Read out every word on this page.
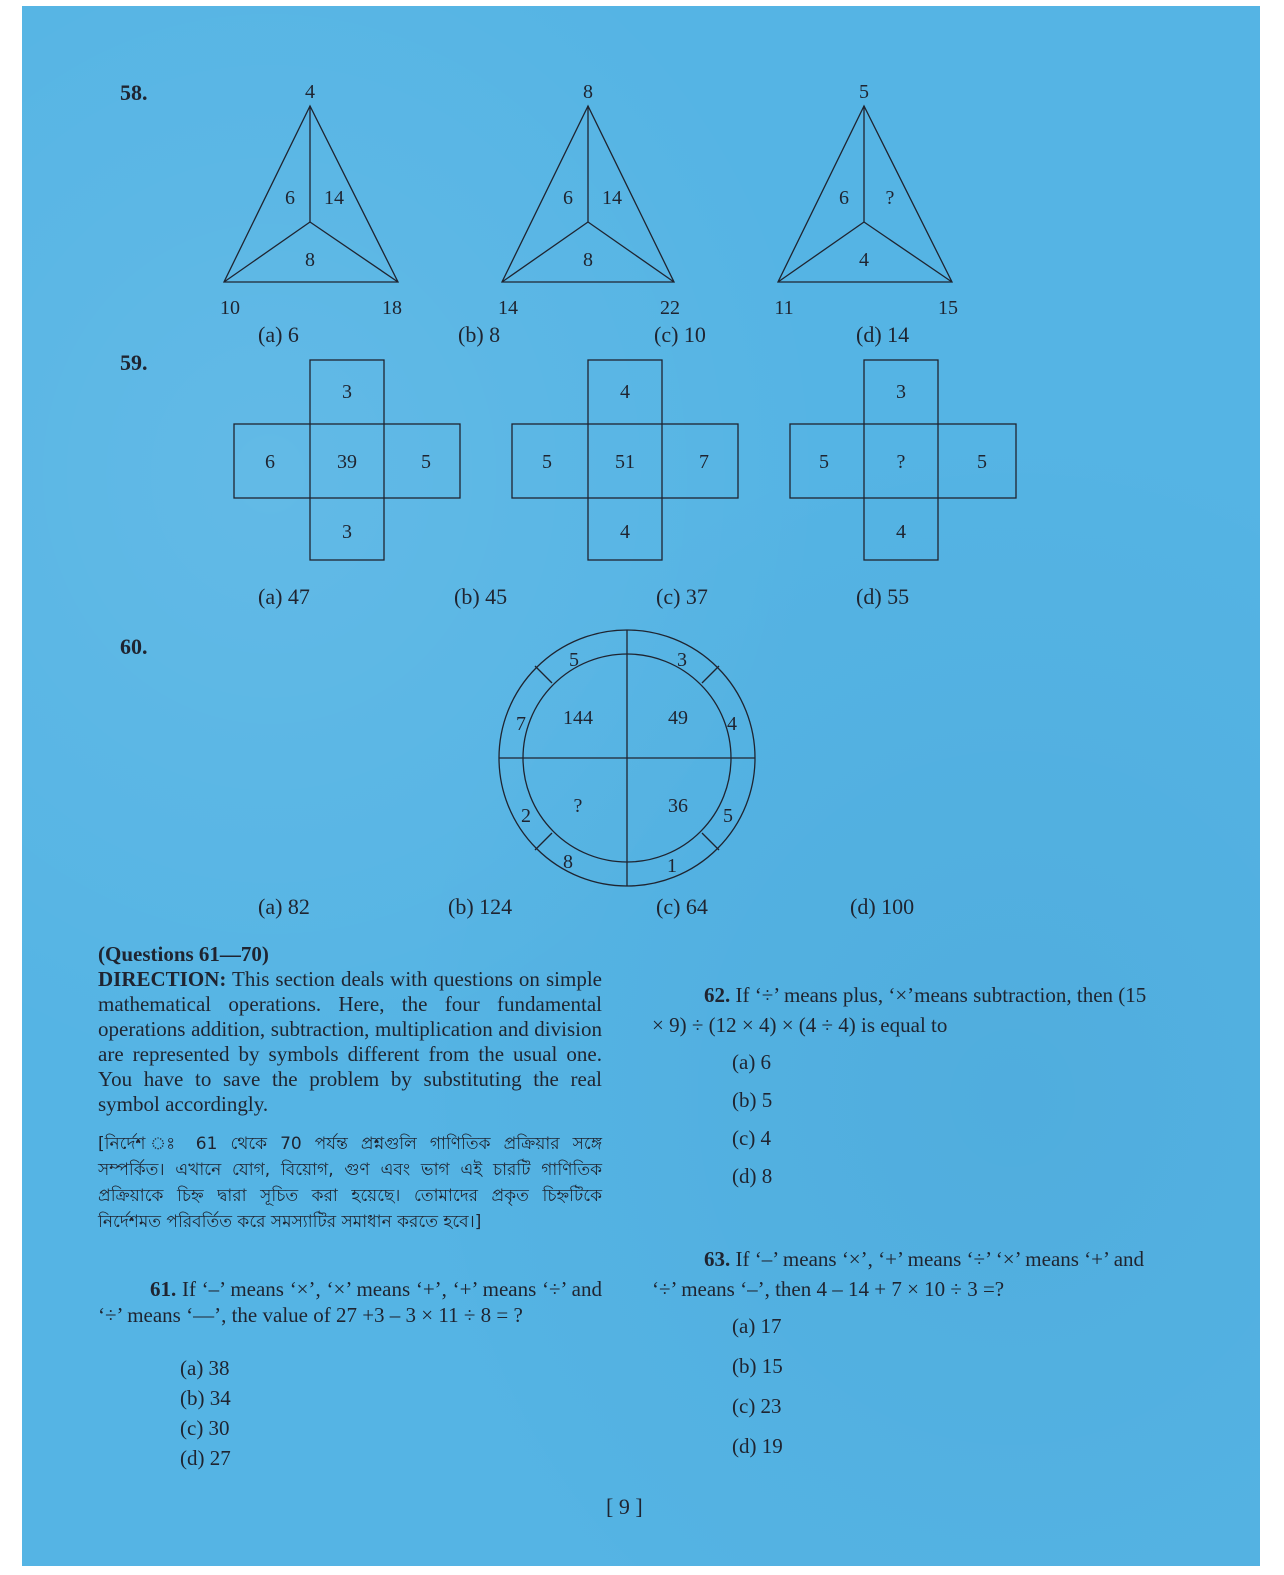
58.	4
6 14
8
10	18
8
6 14
8
14	22
5
6 ?
4
11	15
(a) 6	(b) 8	(c) 10	(d) 14
59.
3
6	39	5
3
4
5	51	7
4
3
5	?	5
4
(a) 47	(b) 45	(c) 37	(d) 55
60.
5	3
7	4
2	5
8	1
144	49
?	36
(a) 82	(b) 124	(c) 64	(d) 100
(Questions 61—70)
DIRECTION: This section deals with questions on simple mathematical operations. Here, the four fundamental operations addition, subtraction, multiplication and division are represented by symbols different from the usual one. You have to save the problem by substituting the real symbol accordingly.
[নির্দেশ ঃ 61 থেকে 70 পর্যন্ত প্রশ্নগুলি গাণিতিক প্রক্রিয়ার সঙ্গে সম্পর্কিত। এখানে যোগ, বিয়োগ, গুণ এবং ভাগ এই চারটি গাণিতিক প্রক্রিয়াকে চিহ্ন দ্বারা সূচিত করা হয়েছে। তোমাদের প্রকৃত চিহ্নটিকে নির্দেশমত পরিবর্তিত করে সমস্যাটির সমাধান করতে হবে।]
61. If ‘–’ means ‘×’, ‘×’ means ‘+’, ‘+’ means ‘÷’ and ‘÷’ means ‘—’, the value of 27 +3 – 3 × 11 ÷ 8 = ?
(a) 38
(b) 34
(c) 30
(d) 27
62. If ‘÷’ means plus, ‘×’means subtraction, then (15 × 9) ÷ (12 × 4) × (4 ÷ 4) is equal to
(a) 6
(b) 5
(c) 4
(d) 8
63. If ‘–’ means ‘×’, ‘+’ means ‘÷’ ‘×’ means ‘+’ and ‘÷’ means ‘–’, then 4 – 14 + 7 × 10 ÷ 3 =?
(a) 17
(b) 15
(c) 23
(d) 19
[ 9 ]
